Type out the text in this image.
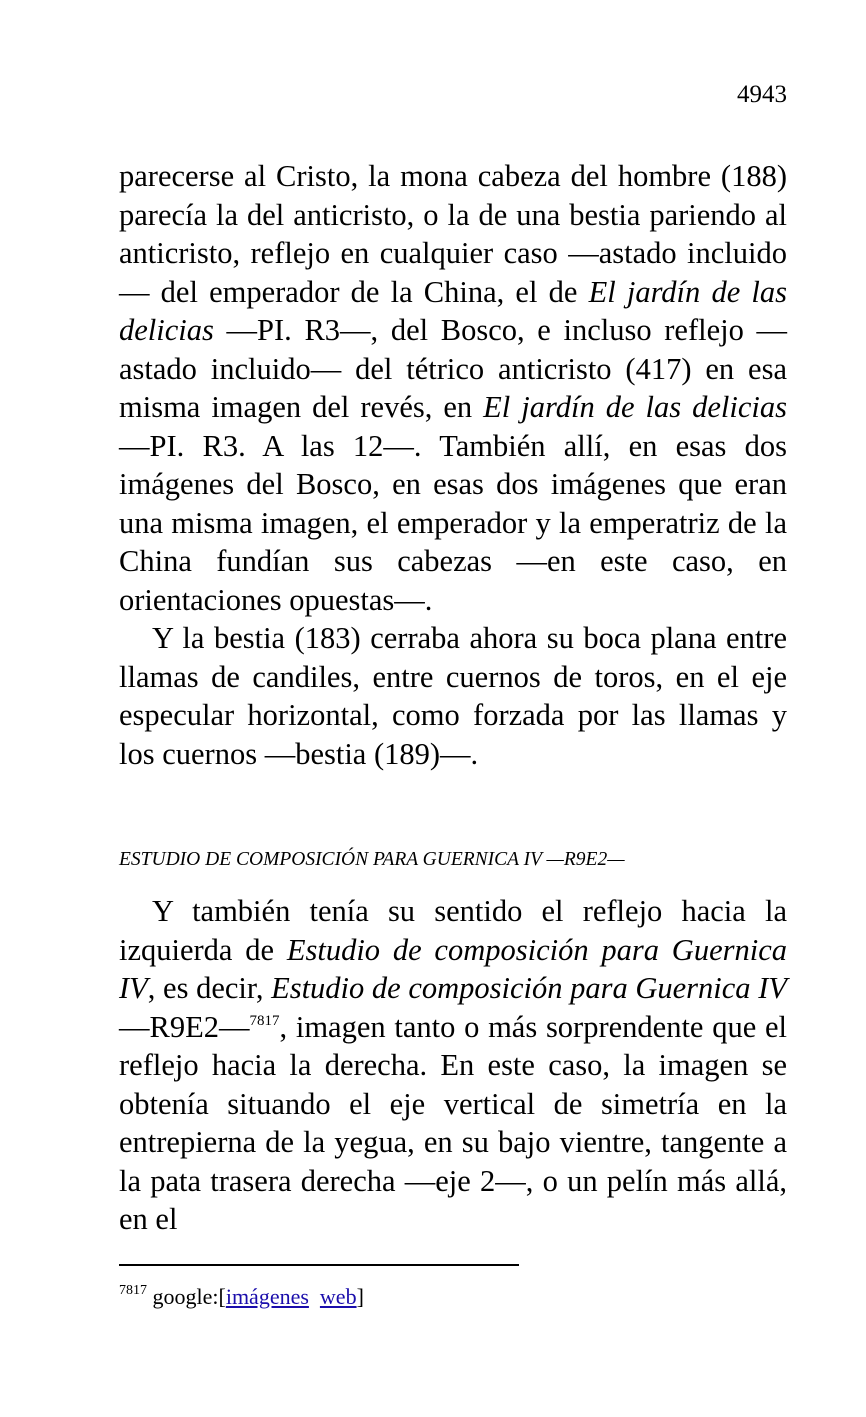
4943

parecerse al Cristo, la mona cabeza del hombre (188) parecía la del anticristo, o la de una bestia pariendo al anticristo, reflejo en cualquier caso —astado incluido— del emperador de la China, el de El jardín de las delicias —PI. R3—, del Bosco, e incluso reflejo —astado incluido— del tétrico anticristo (417) en esa misma imagen del revés, en El jardín de las delicias —PI. R3. A las 12—. También allí, en esas dos imágenes del Bosco, en esas dos imágenes que eran una misma imagen, el emperador y la emperatriz de la China fundían sus cabezas —en este caso, en orientaciones opuestas—.

Y la bestia (183) cerraba ahora su boca plana entre llamas de candiles, entre cuernos de toros, en el eje especular horizontal, como forzada por las llamas y los cuernos —bestia (189)—.

ESTUDIO DE COMPOSICIÓN PARA GUERNICA IV —R9E2—

Y también tenía su sentido el reflejo hacia la izquierda de Estudio de composición para Guernica IV, es decir, Estudio de composición para Guernica IV —R9E2—$^{7817}$, imagen tanto o más sorprendente que el reflejo hacia la derecha. En este caso, la imagen se obtenía situando el eje vertical de simetría en la entrepierna de la yegua, en su bajo vientre, tangente a la pata trasera derecha —eje 2—, o un pelín más allá, en el

$^{7817}$ google:[imágenes web]
